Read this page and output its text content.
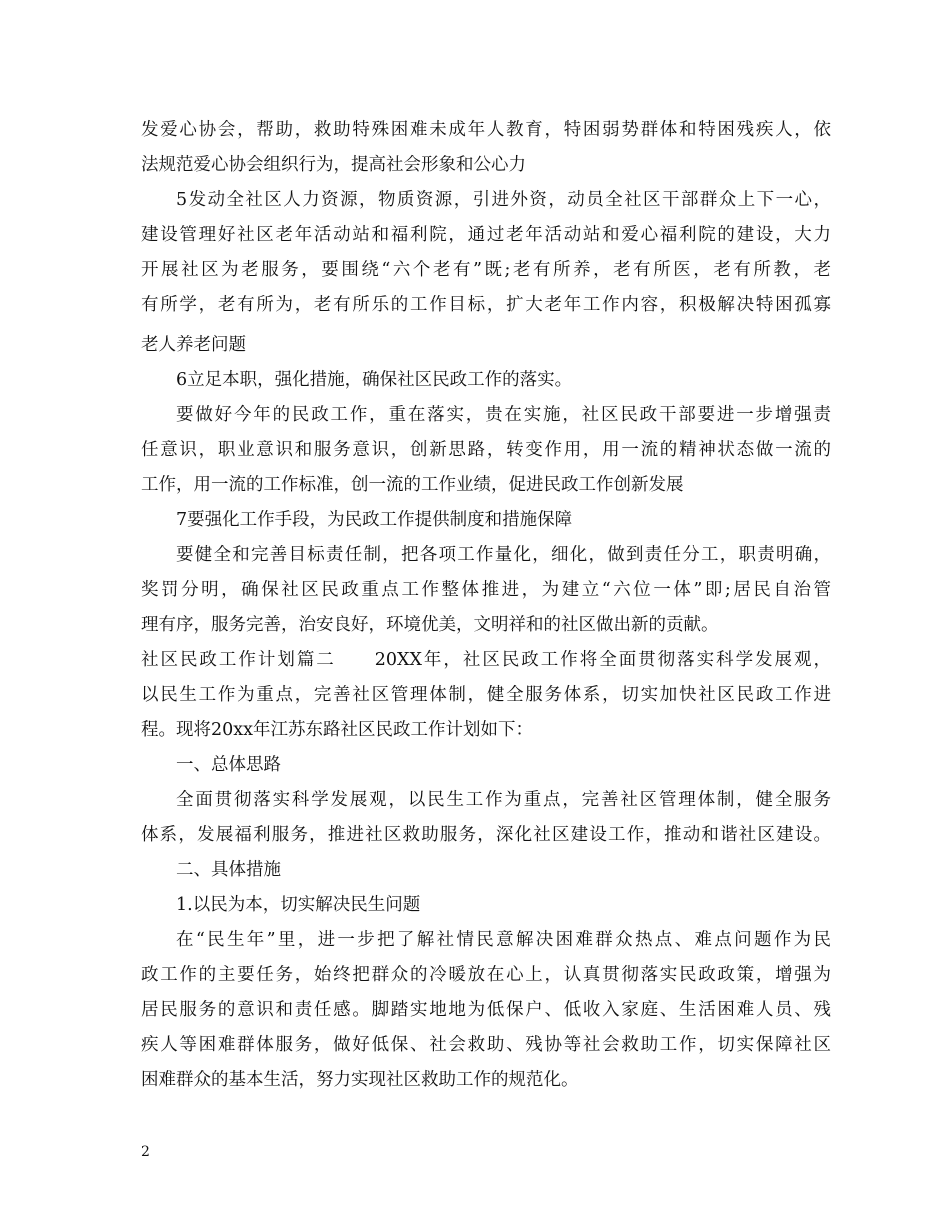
发爱心协会，帮助，救助特殊困难未成年人教育，特困弱势群体和特困残疾人，依
法规范爱心协会组织行为，提高社会形象和公心力
5发动全社区人力资源，物质资源，引进外资，动员全社区干部群众上下一心，
建设管理好社区老年活动站和福利院，通过老年活动站和爱心福利院的建设，大力
开展社区为老服务，要围绕“六个老有”既;老有所养，老有所医，老有所教，老
有所学，老有所为，老有所乐的工作目标，扩大老年工作内容，积极解决特困孤寡
老人养老问题
6立足本职，强化措施，确保社区民政工作的落实。
要做好今年的民政工作，重在落实，贵在实施，社区民政干部要进一步增强责
任意识，职业意识和服务意识，创新思路，转变作用，用一流的精神状态做一流的
工作，用一流的工作标准，创一流的工作业绩，促进民政工作创新发展
7要强化工作手段，为民政工作提供制度和措施保障
要健全和完善目标责任制，把各项工作量化，细化，做到责任分工，职责明确，
奖罚分明，确保社区民政重点工作整体推进，为建立“六位一体”即;居民自治管
理有序，服务完善，治安良好，环境优美，文明祥和的社区做出新的贡献。
社区民政工作计划篇二　　20XX年，社区民政工作将全面贯彻落实科学发展观，
以民生工作为重点，完善社区管理体制，健全服务体系，切实加快社区民政工作进
程。现将20xx年江苏东路社区民政工作计划如下：
一、总体思路
全面贯彻落实科学发展观，以民生工作为重点，完善社区管理体制，健全服务
体系，发展福利服务，推进社区救助服务，深化社区建设工作，推动和谐社区建设。
二、具体措施
1.以民为本，切实解决民生问题
在“民生年”里，进一步把了解社情民意解决困难群众热点、难点问题作为民
政工作的主要任务，始终把群众的冷暖放在心上，认真贯彻落实民政政策，增强为
居民服务的意识和责任感。脚踏实地地为低保户、低收入家庭、生活困难人员、残
疾人等困难群体服务，做好低保、社会救助、残协等社会救助工作，切实保障社区
困难群众的基本生活，努力实现社区救助工作的规范化。
2
